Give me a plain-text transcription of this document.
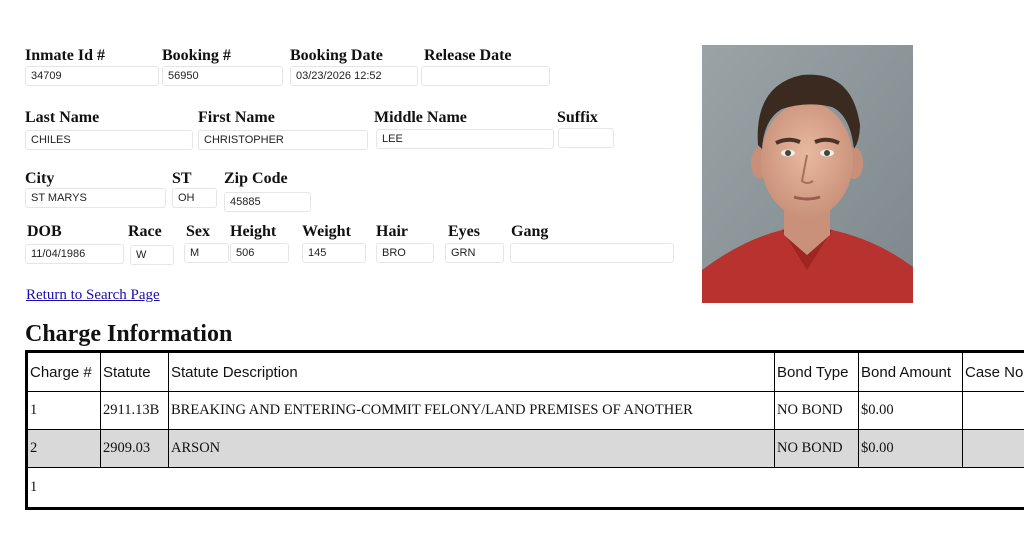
Inmate Id #
34709
Booking #
56950
Booking Date
03/23/2026 12:52
Release Date
Last Name
CHILES
First Name
CHRISTOPHER
Middle Name
LEE
Suffix
City
ST MARYS
ST
OH
Zip Code
45885
DOB
11/04/1986
Race
W
Sex
M
Height
506
Weight
145
Hair
BRO
Eyes
GRN
Gang
Return to Search Page
Charge Information
Charge #	Statute	Statute Description	Bond Type	Bond Amount	Case No
1	2911.13B	BREAKING AND ENTERING-COMMIT FELONY/LAND PREMISES OF ANOTHER	NO BOND	$0.00	
2	2909.03	ARSON	NO BOND	$0.00	
1					
